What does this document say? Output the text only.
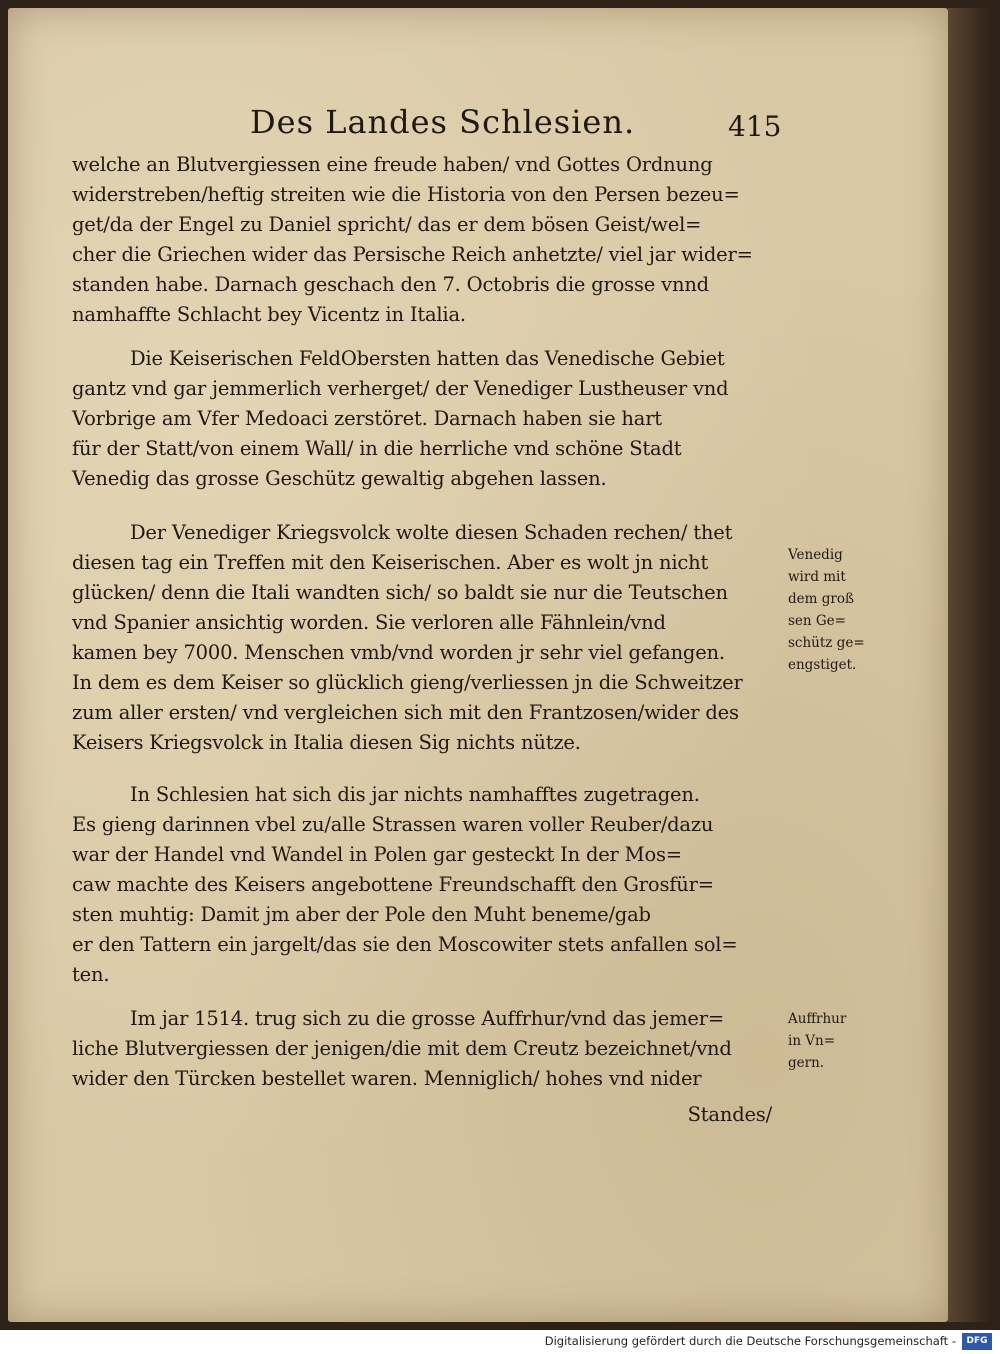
Des Landes Schlesien.	415
welche an Blutvergiessen eine freude haben/ vnd Gottes Ordnung
widerstreben/heftig streiten wie die Historia von den Persen bezeu=
get/da der Engel zu Daniel spricht/ das er dem bösen Geist/wel=
cher die Griechen wider das Persische Reich anhetzte/ viel jar wider=
standen habe. Darnach geschach den 7. Octobris die grosse vnnd
namhaffte Schlacht bey Vicentz in Italia.
Die Keiserischen FeldObersten hatten das Venedische Gebiet
gantz vnd gar jemmerlich verherget/ der Venediger Lustheuser vnd
Vorbrige am Vfer Medoaci zerstöret. Darnach haben sie hart
für der Statt/von einem Wall/ in die herrliche vnd schöne Stadt
Venedig das grosse Geschütz gewaltig abgehen lassen.
Der Venediger Kriegsvolck wolte diesen Schaden rechen/ thet
diesen tag ein Treffen mit den Keiserischen. Aber es wolt jn nicht
glücken/ denn die Itali wandten sich/ so baldt sie nur die Teutschen
vnd Spanier ansichtig worden. Sie verloren alle Fähnlein/vnd
kamen bey 7000. Menschen vmb/vnd worden jr sehr viel gefangen.
In dem es dem Keiser so glücklich gieng/verliessen jn die Schweitzer
zum aller ersten/ vnd vergleichen sich mit den Frantzosen/wider des
Keisers Kriegsvolck in Italia diesen Sig nichts nütze.
In Schlesien hat sich dis jar nichts namhafftes zugetragen.
Es gieng darinnen vbel zu/alle Strassen waren voller Reuber/dazu
war der Handel vnd Wandel in Polen gar gesteckt In der Mos=
caw machte des Keisers angebottene Freundschafft den Grosfür=
sten muhtig: Damit jm aber der Pole den Muht beneme/gab
er den Tattern ein jargelt/das sie den Moscowiter stets anfallen sol=
ten.
Im jar 1514. trug sich zu die grosse Auffrhur/vnd das jemer=
liche Blutvergiessen der jenigen/die mit dem Creutz bezeichnet/vnd
wider den Türcken bestellet waren. Menniglich/ hohes vnd nider
Standes/
Venedig
wird mit
dem groß
sen Ge=
schütz ge=
engstiget.
Auffrhur
in Vn=
gern.
Digitalisierung gefördert durch die Deutsche Forschungsgemeinschaft -	DFG
